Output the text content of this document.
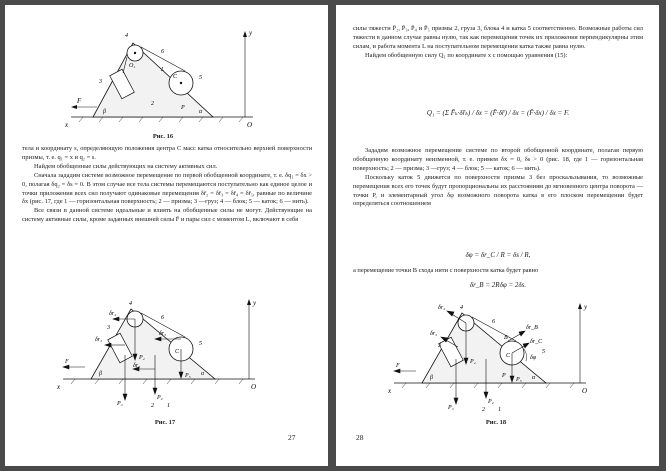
y
x	O
F
β	α
2
3
4
5
6
C
L
O₁
P
Рис. 16

тела и координату s, определяющую положения центра C масс катка относительно верхней поверхности призмы, т. е. q₁ = x и q₂ = s.

Найдем обобщенные силы действующих на систему активных сил.

Сначала зададим системе возможное перемещение по первой обобщенной координате, т. е. δq₁ = δx > 0, полагая δq₂ = δs = 0. В этом случае все тела системы перемещаются поступательно как единое целое и точки приложения всех сил получают одинаковые перемещения δr̄₂ = δr̄₃ = δr̄₄ = δr̄₅, равные по величине δx (рис. 17, где 1 — горизонтальная поверхность; 2 — призма; 3 —груз; 4 — блок; 5 — каток; 6 — нить).

Все связи в данной системе идеальные и влиять на обобщенные силы не могут. Действующие на систему активные силы, кроме заданных внешней силы F̄ и пары сил с моментом L, включают в себя

y
x	O
F
δr₃
δr₄
δr₅
δr₂
P₃
P₂
P₄
P₅
C
β	α
2 1
4
5
6
3
Рис. 17
27

силы тяжести P̄₂, P̄₃, P̄₄ и P̄₅ призмы 2, груза 3, блока 4 и катка 5 соответственно. Возможные работы сил тяжести в данном случае равны нулю, так как перемещения точек их приложения перпендикулярны этим силам, и работа момента L на поступательном перемещении катка также равна нулю.

Найдем обобщенную силу Q₁ по координате x с помощью уравнения (15):

Q₁ = (Σ F̄ₖ·δr̄ₖ) / δx = (F̄·δr̄) / δx = (F̄·δx) / δx = F.

Зададим возможное перемещение системе по второй обобщенной координате, полагая первую обобщенную координату неизменной, т. е. примем δx = 0, δs > 0 (рис. 18, где 1 — горизонтальная поверхность; 2 — призма; 3 —груз; 4 — блок; 5 — каток; 6 — нить).

Поскольку каток 5 движется по поверхности призмы 3 без проскальзывания, то возможные перемещения всех его точек будут пропорциональны их расстояниям до мгновенного центра поворота — точки P, и элементарный угол δφ возможного поворота катка в его плоском перемещении будет определяться соотношением

δφ = δr_C / R = δs / R,

а перемещение точки B схода нити с поверхности катка будет равно

δr_B = 2Rδφ = 2δs.
y
x	O
F
δr₃
δr₄
δr_B
δr_C
δφ
P₃
P₂
P₄
P₅
C
B
P
β	α
2 1
4
5
6
3
Рис. 18
28
